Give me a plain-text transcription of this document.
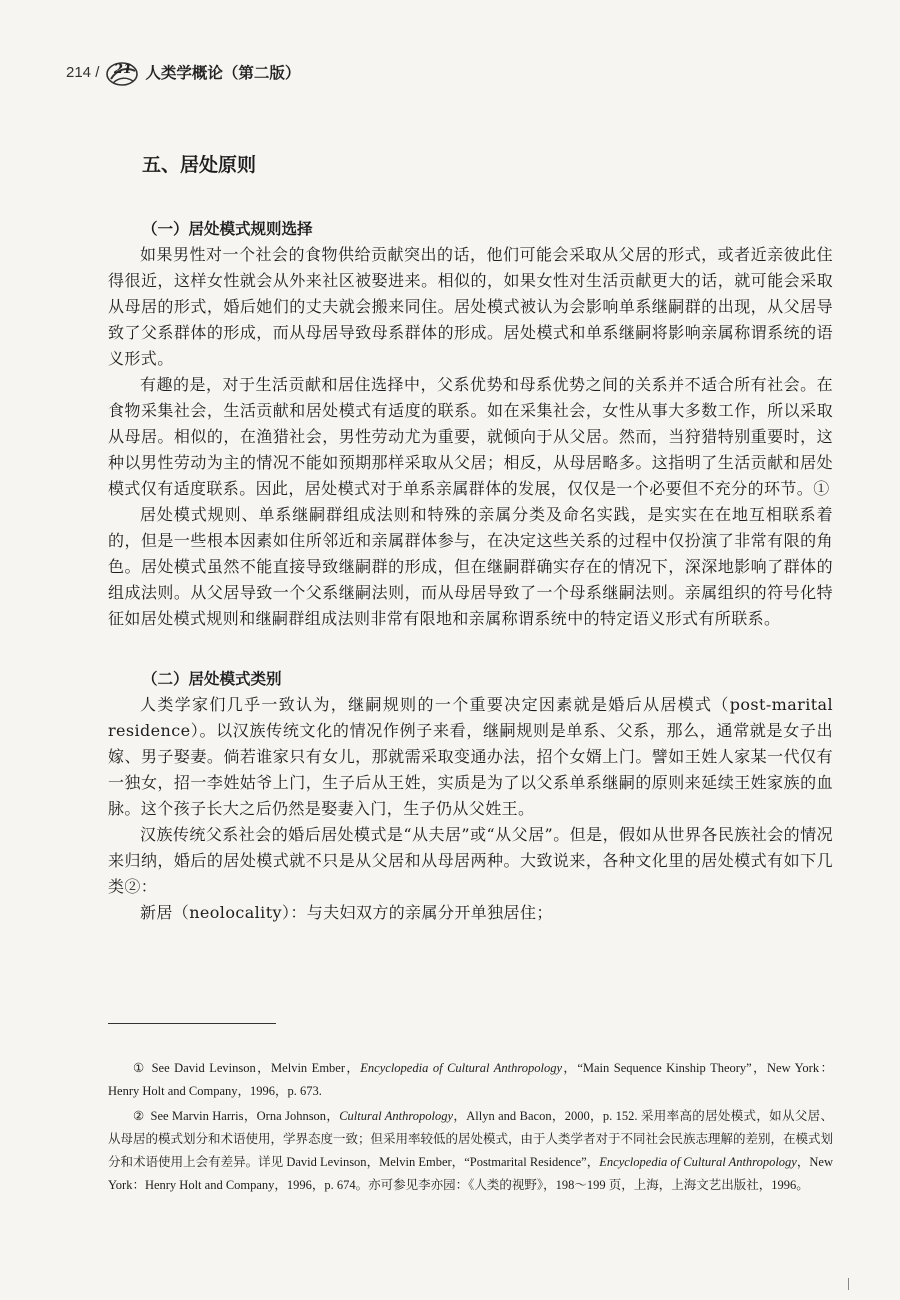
214 / 21 人类学概论（第二版）
五、居处原则
（一）居处模式规则选择

如果男性对一个社会的食物供给贡献突出的话，他们可能会采取从父居的形式，或者近亲彼此住得很近，这样女性就会从外来社区被娶进来。相似的，如果女性对生活贡献更大的话，就可能会采取从母居的形式，婚后她们的丈夫就会搬来同住。居处模式被认为会影响单系继嗣群的出现，从父居导致了父系群体的形成，而从母居导致母系群体的形成。居处模式和单系继嗣将影响亲属称谓系统的语义形式。

有趣的是，对于生活贡献和居住选择中，父系优势和母系优势之间的关系并不适合所有社会。在食物采集社会，生活贡献和居处模式有适度的联系。如在采集社会，女性从事大多数工作，所以采取从母居。相似的，在渔猎社会，男性劳动尤为重要，就倾向于从父居。然而，当狩猎特别重要时，这种以男性劳动为主的情况不能如预期那样采取从父居；相反，从母居略多。这指明了生活贡献和居处模式仅有适度联系。因此，居处模式对于单系亲属群体的发展，仅仅是一个必要但不充分的环节。①

居处模式规则、单系继嗣群组成法则和特殊的亲属分类及命名实践，是实实在在地互相联系着的，但是一些根本因素如住所邻近和亲属群体参与，在决定这些关系的过程中仅扮演了非常有限的角色。居处模式虽然不能直接导致继嗣群的形成，但在继嗣群确实存在的情况下，深深地影响了群体的组成法则。从父居导致一个父系继嗣法则，而从母居导致了一个母系继嗣法则。亲属组织的符号化特征如居处模式规则和继嗣群组成法则非常有限地和亲属称谓系统中的特定语义形式有所联系。

（二）居处模式类别

人类学家们几乎一致认为，继嗣规则的一个重要决定因素就是婚后从居模式（post-marital residence）。以汉族传统文化的情况作例子来看，继嗣规则是单系、父系，那么，通常就是女子出嫁、男子娶妻。倘若谁家只有女儿，那就需采取变通办法，招个女婿上门。譬如王姓人家某一代仅有一独女，招一李姓姑爷上门，生子后从王姓，实质是为了以父系单系继嗣的原则来延续王姓家族的血脉。这个孩子长大之后仍然是娶妻入门，生子仍从父姓王。

汉族传统父系社会的婚后居处模式是“从夫居”或“从父居”。但是，假如从世界各民族社会的情况来归纳，婚后的居处模式就不只是从父居和从母居两种。大致说来，各种文化里的居处模式有如下几类②：

新居（neolocality）：与夫妇双方的亲属分开单独居住；

① See David Levinson，Melvin Ember，Encyclopedia of Cultural Anthropology，“Main Sequence Kinship Theory”，New York：Henry Holt and Company，1996，p. 673.

② See Marvin Harris，Orna Johnson，Cultural Anthropology，Allyn and Bacon，2000，p. 152. 采用率高的居处模式，如从父居、从母居的模式划分和术语使用，学界态度一致；但采用率较低的居处模式，由于人类学者对于不同社会民族志理解的差别，在模式划分和术语使用上会有差异。详见 David Levinson，Melvin Ember，“Postmarital Residence”，Encyclopedia of Cultural Anthropology，New York：Henry Holt and Company，1996，p. 674。亦可参见李亦园：《人类的视野》，198～199 页，上海，上海文艺出版社，1996。
